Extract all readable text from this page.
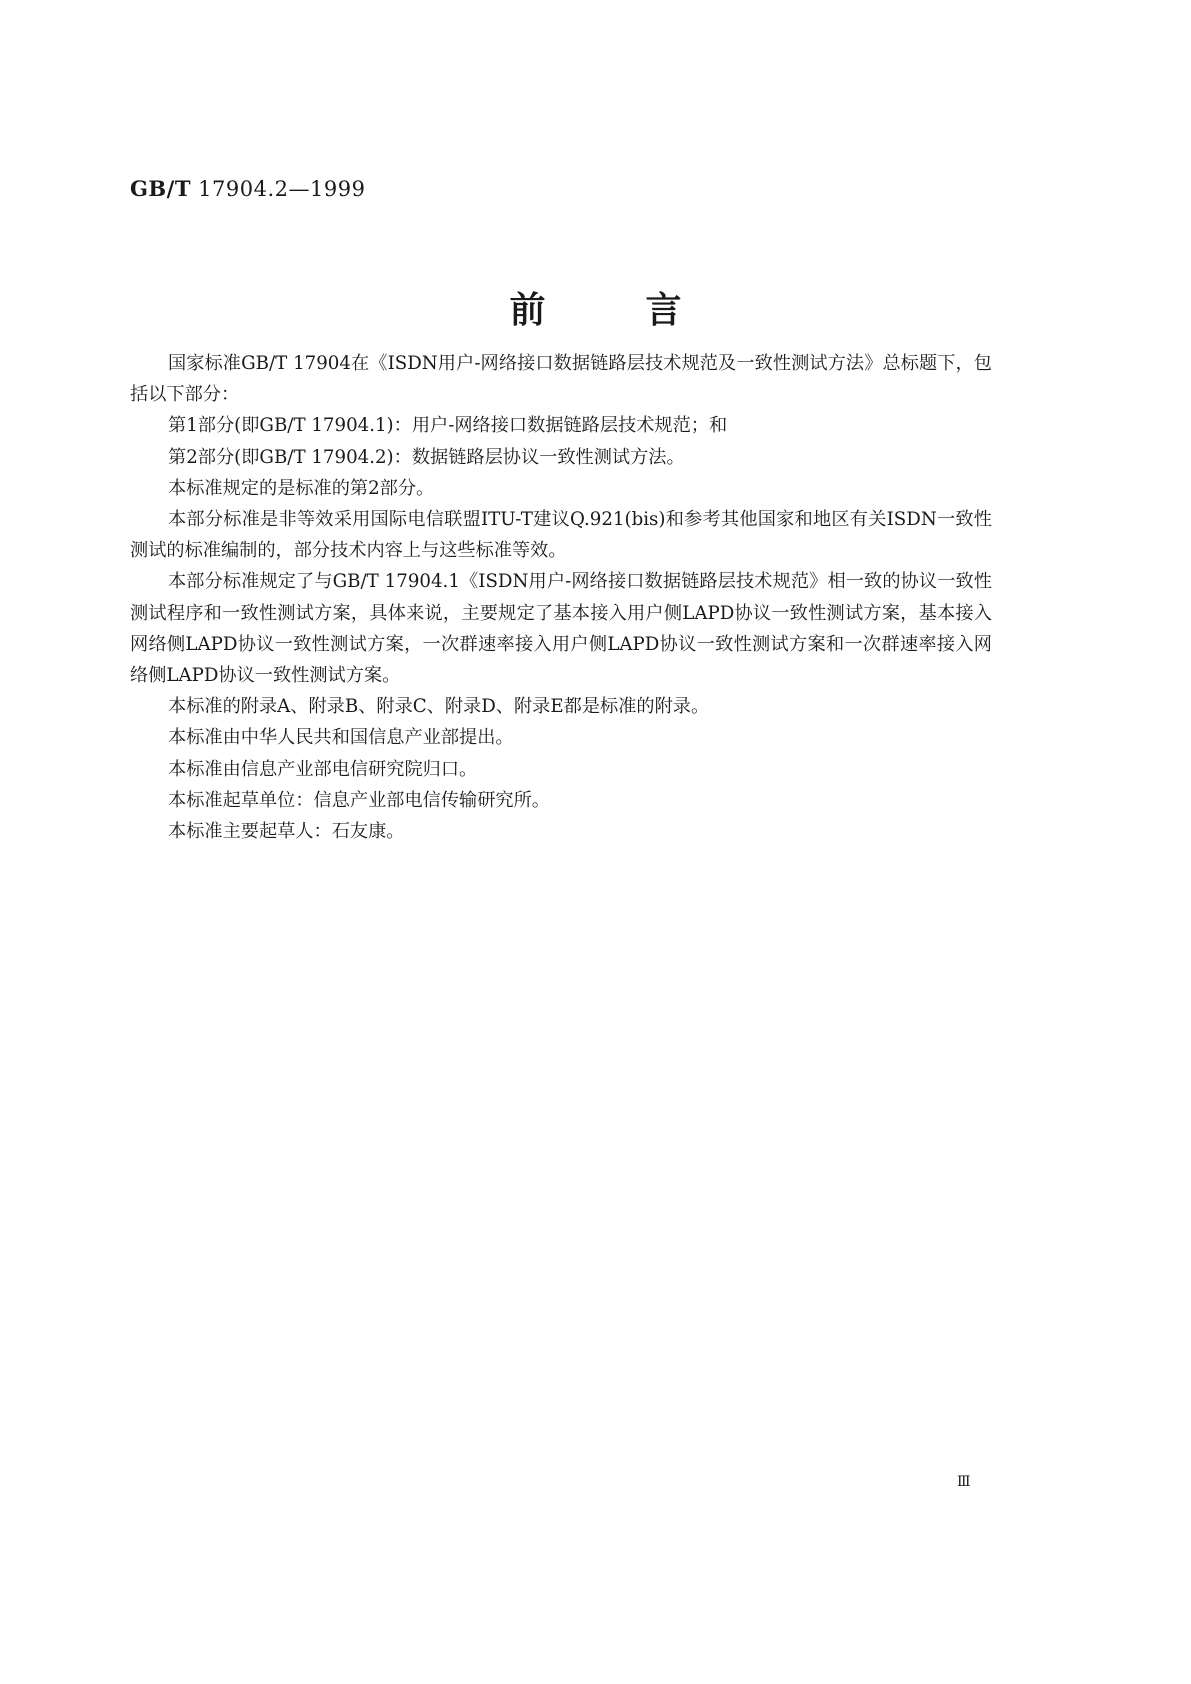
GB/T 17904.2—1999
前言

国家标准GB/T 17904在《ISDN用户-网络接口数据链路层技术规范及一致性测试方法》总标题下，包括以下部分：

第1部分(即GB/T 17904.1)：用户-网络接口数据链路层技术规范；和

第2部分(即GB/T 17904.2)：数据链路层协议一致性测试方法。

本标准规定的是标准的第2部分。

本部分标准是非等效采用国际电信联盟ITU-T建议Q.921(bis)和参考其他国家和地区有关ISDN一致性测试的标准编制的，部分技术内容上与这些标准等效。

本部分标准规定了与GB/T 17904.1《ISDN用户-网络接口数据链路层技术规范》相一致的协议一致性测试程序和一致性测试方案，具体来说，主要规定了基本接入用户侧LAPD协议一致性测试方案，基本接入网络侧LAPD协议一致性测试方案，一次群速率接入用户侧LAPD协议一致性测试方案和一次群速率接入网络侧LAPD协议一致性测试方案。

本标准的附录A、附录B、附录C、附录D、附录E都是标准的附录。

本标准由中华人民共和国信息产业部提出。

本标准由信息产业部电信研究院归口。

本标准起草单位：信息产业部电信传输研究所。

本标准主要起草人：石友康。

Ⅲ
